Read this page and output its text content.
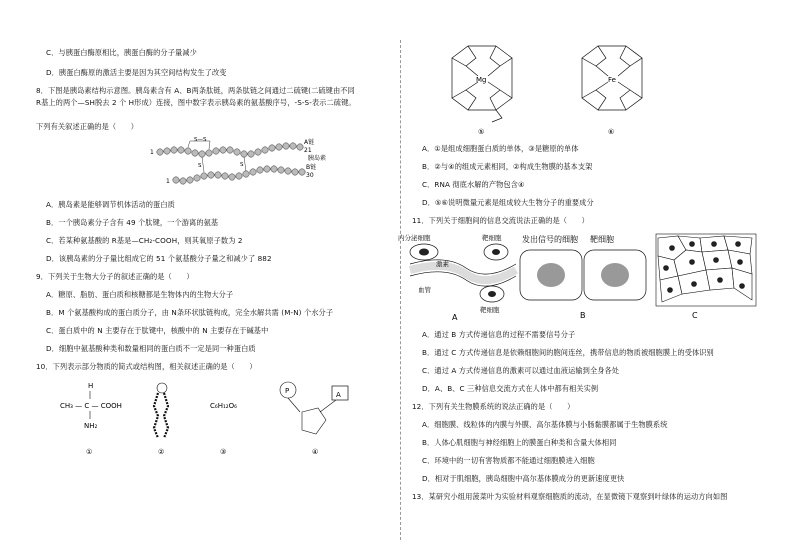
C．与胰蛋白酶原相比，胰蛋白酶的分子量减少
D．胰蛋白酶原的激活主要是因为其空间结构发生了改变
8．下图是胰岛素结构示意图。胰岛素含有 A、B两条肽链，两条肽链之间通过二硫键(二硫键由不同
R基上的两个—SH脱去 2 个 H形成）连接，图中数字表示胰岛素的氨基酸序号，-S-S-表示二硫键。
下列有关叙述正确的是（　　）
S—S
S	S
1
1
A链
21
胰岛素
B链
30
A．胰岛素是能够调节机体活动的蛋白质
B．一个胰岛素分子含有 49 个肽键，一个游离的氨基
C．若某种氨基酸的 R基是—CH₂-COOH，则其氧原子数为 2
D．该胰岛素的分子量比组成它的 51 个氨基酸分子量之和减少了 882
9．下列关于生物大分子的叙述正确的是（　　）
A．糖原、脂肪、蛋白质和核糖都是生物体内的生物大分子
B．M 个氨基酸构成的蛋白质分子，由 N条环状肽链构成，完全水解共需 (M-N) 个水分子
C．蛋白质中的 N 主要存在于肽键中，核酸中的 N 主要存在于碱基中
D．细胞中氨基酸种类和数量相同的蛋白质不一定是同一种蛋白质
10．下列表示部分物质的简式或结构图，相关叙述正确的是（　　）
H
CH₃ — C — COOH
NH₂
①	②
C₆H₁₂O₆
③
P	A
④
Mg
⑤
Fe
⑥
A．①是组成细胞蛋白质的单体，③是糖原的单体
B．②与④的组成元素相同，②构成生物膜的基本支架
C．RNA 彻底水解的产物包含④
D．⑤⑥说明微量元素是组成较大生物分子的重要成分
11．下列关于细胞间的信息交流说法正确的是（　　）
内分泌细胞	靶细胞
激素
血管
靶细胞
A
发出信号的细胞 靶细胞
B	C
A．通过 B 方式传递信息的过程不需要信号分子
B．通过 C 方式传递信息是依赖细胞间的胞间连丝，携带信息的物质被细胞膜上的受体识别
C．通过 A 方式传递信息的激素可以通过血液运输到全身各处
D．A、B、C 三种信息交流方式在人体中都有相关实例
12．下列有关生物膜系统的说法正确的是（　　）
A．细胞膜、线粒体的内膜与外膜、高尔基体膜与小肠黏膜都属于生物膜系统
B．人体心肌细胞与神经细胞上的膜蛋白种类和含量大体相同
C．环境中的一切有害物质都不能通过细胞膜进入细胞
D．相对于肌细胞，胰岛细胞中高尔基体膜成分的更新速度更快
13．某研究小组用菠菜叶为实验材料观察细胞质的流动，在显微镜下观察到叶绿体的运动方向如图
